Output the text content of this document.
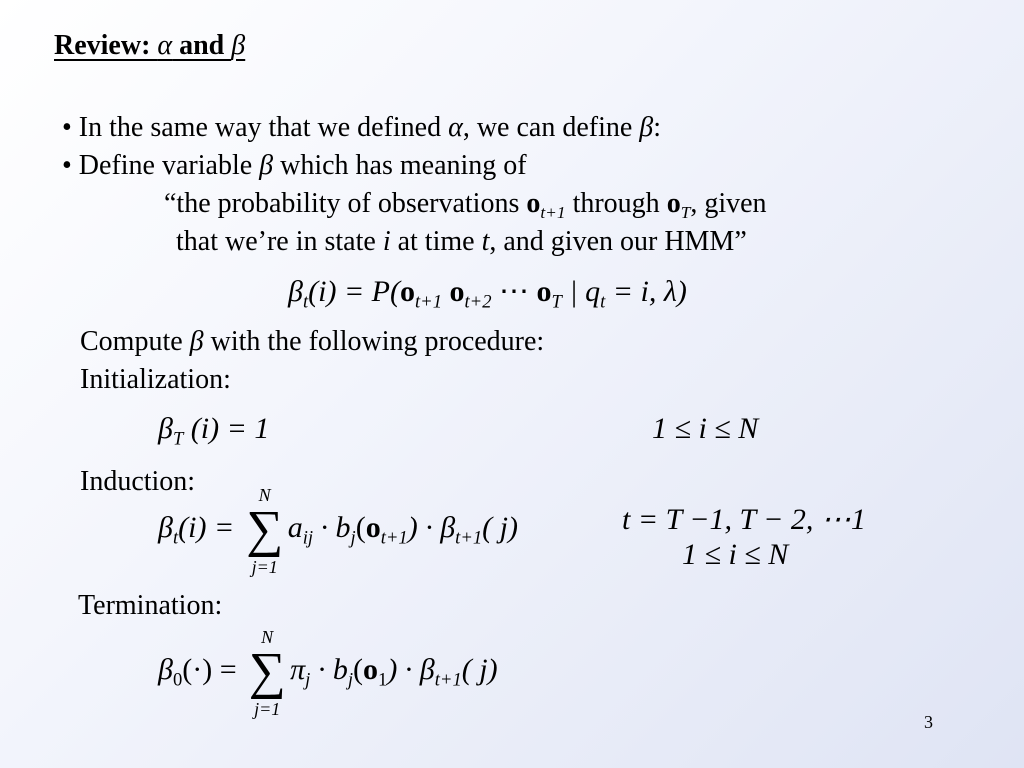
Review: α and β
• In the same way that we defined α, we can define β:
• Define variable β which has meaning of
“the probability of observations $o_{t+1}$ through $o_T$, given
that we’re in state i at time t, and given our HMM”
$\beta_t(i) = P(o_{t+1}$ $o_{t+2}$ ⋯ $o_T$ | $q_t = i$, λ)
Compute β with the following procedure:
Initialization:
$\beta_T$ (i) = 1	1 ≤ i ≤ N
Induction:
$\beta_t(i)$ =
N
∑
j=1
$a_{ij} \cdot b_j(o_{t+1}) \cdot \beta_{t+1}$( j)	t = T −1, T − 2, ⋯1
1 ≤ i ≤ N
Termination:
$\beta_0(\cdot)$ =
N
∑
j=1
$\pi_j \cdot b_j(o_1) \cdot \beta_{t+1}$( j)
3
